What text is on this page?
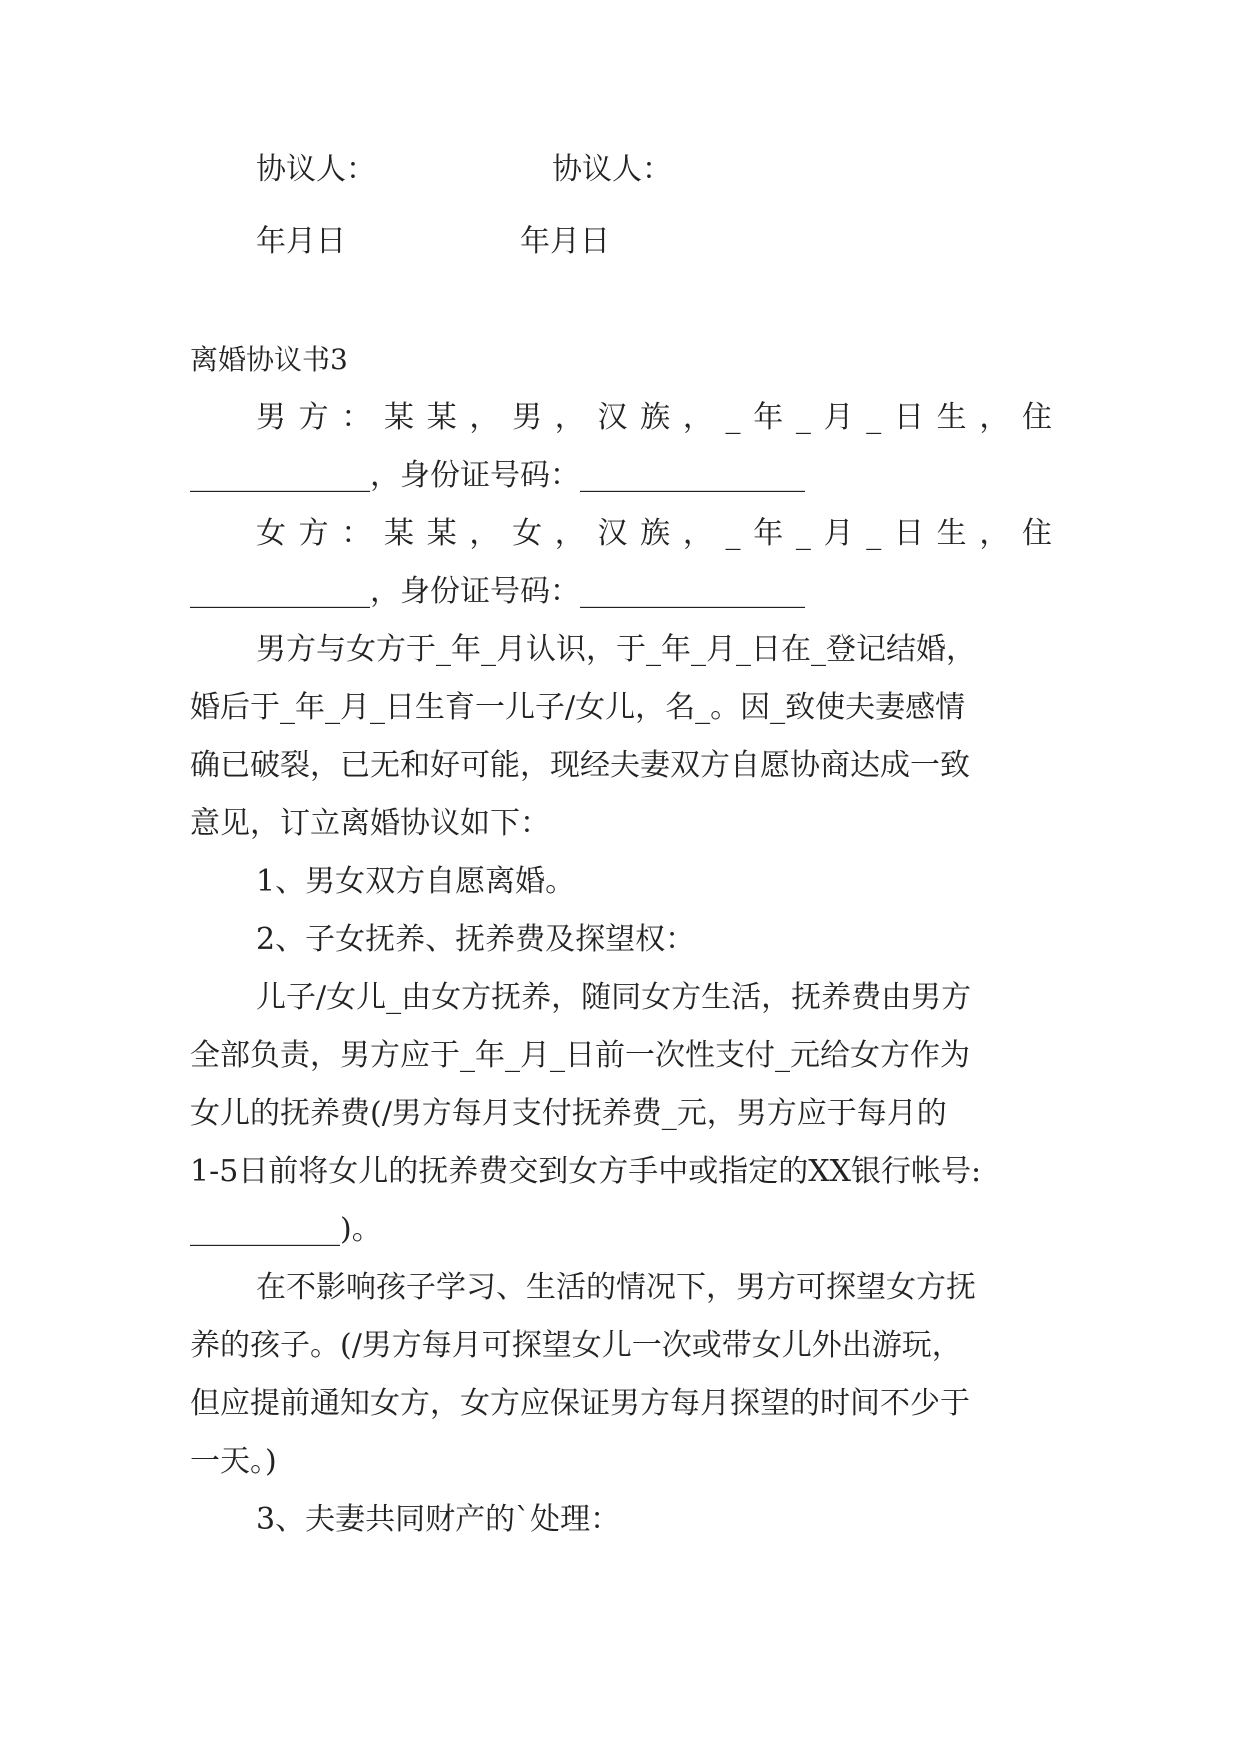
协议人：	协议人：
年月日	年月日
离婚协议书3
男方：某某，男，汉族，_年_月_日生，住
____________，身份证号码：_______________
女方：某某，女，汉族，_年_月_日生，住
____________，身份证号码：_______________
男方与女方于_年_月认识，于_年_月_日在_登记结婚，
婚后于_年_月_日生育一儿子/女儿，名_。因_致使夫妻感情
确已破裂，已无和好可能，现经夫妻双方自愿协商达成一致
意见，订立离婚协议如下：
1、男女双方自愿离婚。
2、子女抚养、抚养费及探望权：
儿子/女儿_由女方抚养，随同女方生活，抚养费由男方
全部负责，男方应于_年_月_日前一次性支付_元给女方作为
女儿的抚养费(/男方每月支付抚养费_元，男方应于每月的
1-5日前将女儿的抚养费交到女方手中或指定的XX银行帐号:
__________)。
在不影响孩子学习、生活的情况下，男方可探望女方抚
养的孩子。(/男方每月可探望女儿一次或带女儿外出游玩，
但应提前通知女方，女方应保证男方每月探望的时间不少于
一天。)
3、夫妻共同财产的`处理：
